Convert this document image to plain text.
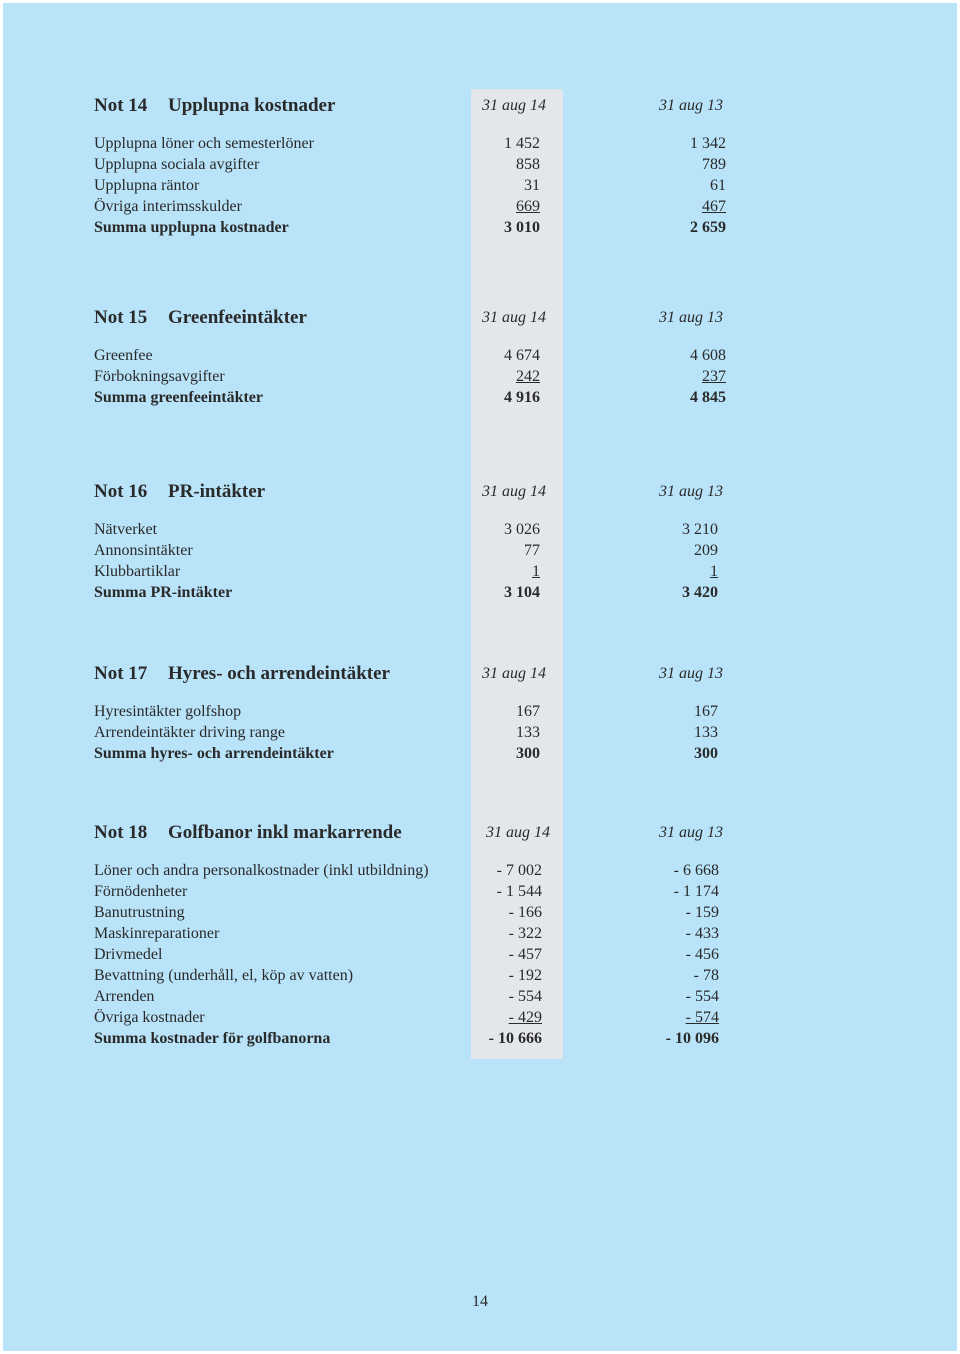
Not 14 Upplupna kostnader	31 aug 14	31 aug 13
Upplupna löner och semesterlöner	1 452	1 342
Upplupna sociala avgifter	858	789
Upplupna räntor	31	61
Övriga interimsskulder	669	467
Summa upplupna kostnader	3 010	2 659
Not 15 Greenfeeintäkter	31 aug 14	31 aug 13
Greenfee	4 674	4 608
Förbokningsavgifter	242	237
Summa greenfeeintäkter	4 916	4 845
Not 16 PR-intäkter	31 aug 14	31 aug 13
Nätverket	3 026	3 210
Annonsintäkter	77	209
Klubbartiklar	1	1
Summa PR-intäkter	3 104	3 420
Not 17 Hyres- och arrendeintäkter	31 aug 14	31 aug 13
Hyresintäkter golfshop	167	167
Arrendeintäkter driving range	133	133
Summa hyres- och arrendeintäkter	300	300
Not 18 Golfbanor inkl markarrende	31 aug 14	31 aug 13
Löner och andra personalkostnader (inkl utbildning)	- 7 002	- 6 668
Förnödenheter	- 1 544	- 1 174
Banutrustning	- 166	- 159
Maskinreparationer	- 322	- 433
Drivmedel	- 457	- 456
Bevattning (underhåll, el, köp av vatten)	- 192	- 78
Arrenden	- 554	- 554
Övriga kostnader	- 429	- 574
Summa kostnader för golfbanorna	- 10 666	- 10 096
14
